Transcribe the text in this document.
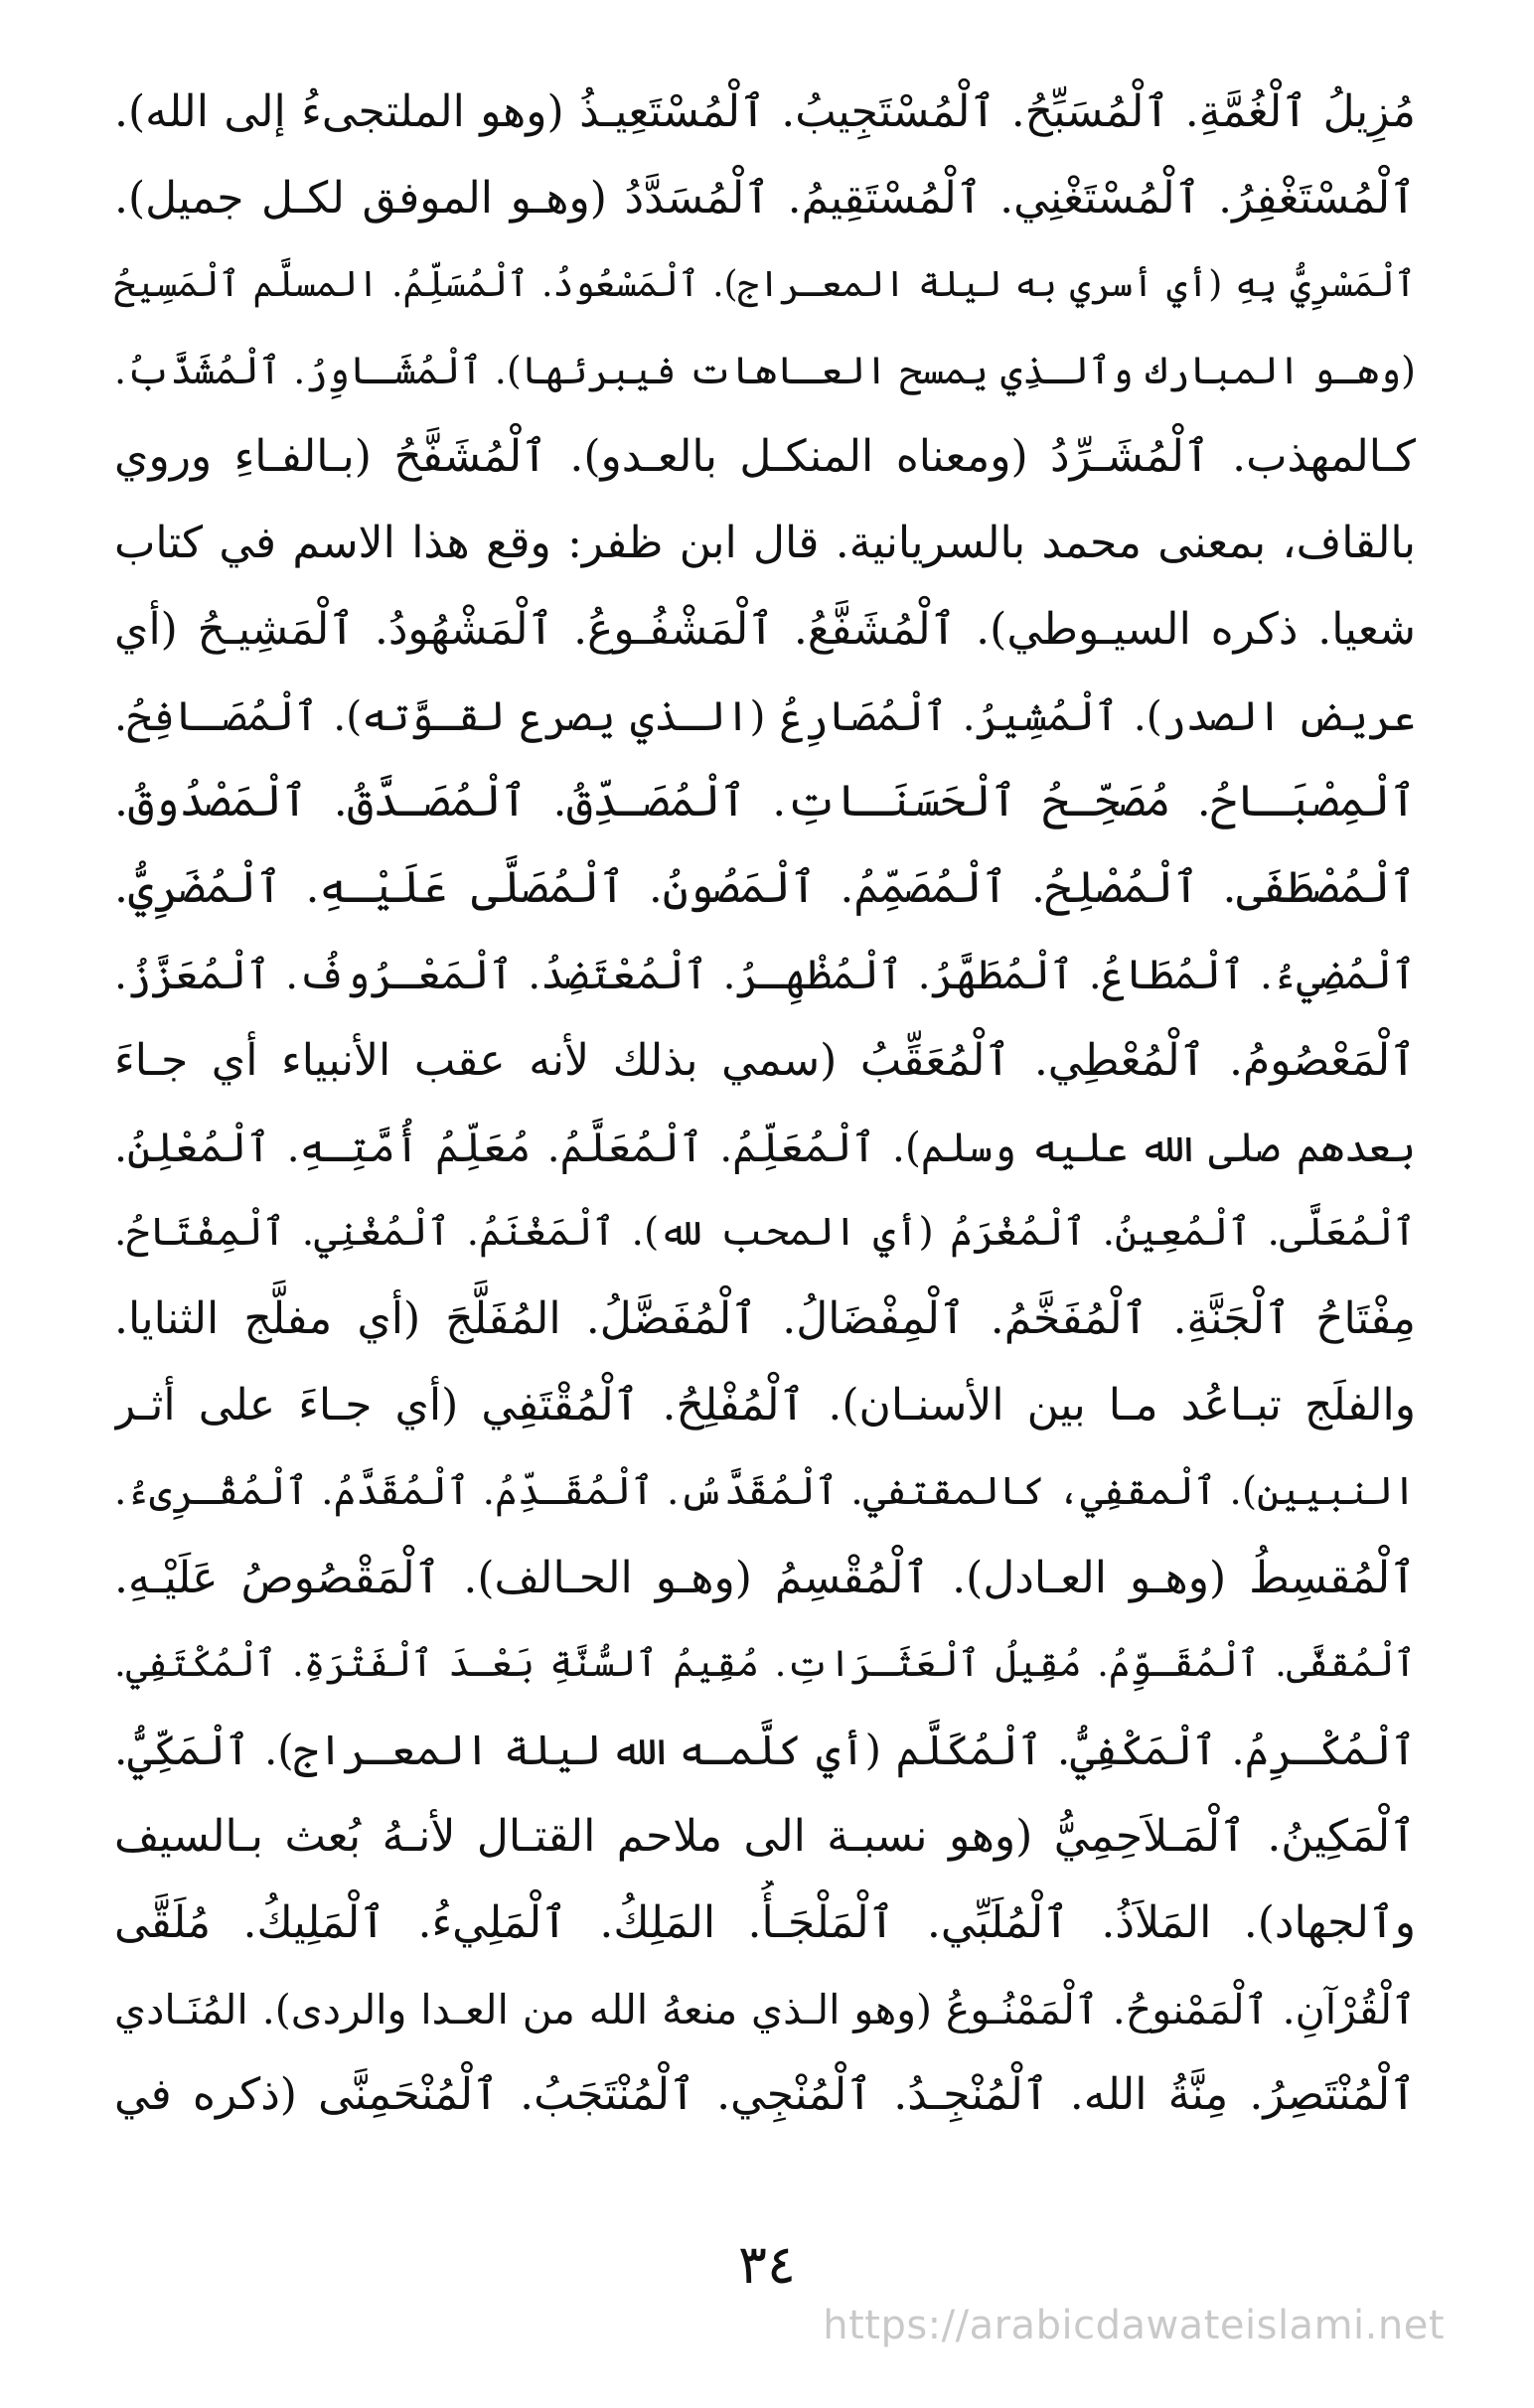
مُزِيلُ ٱلْغُمَّةِ. ٱلْمُسَبِّحُ. ٱلْمُسْتَجِيبُ. ٱلْمُسْتَعِيـذُ (وهو الملتجىءُ إلى الله).
ٱلْمُسْتَغْفِرُ. ٱلْمُسْتَغْنِي. ٱلْمُسْتَقِيمُ. ٱلْمُسَدَّدُ (وهـو الموفق لكـل جميل).
ٱلْمَسْرِيُّ بِهِ (أي أسري به ليلة المعـراج). ٱلْمَسْعُودُ. ٱلْمُسَلِّمُ. المسلَّم ٱلْمَسِيحُ
(وهـو المبارك وٱلـذِي يمسح العـاهات فيبرئها). ٱلْمُشَـاوِرُ. ٱلْمُشَذَّبُ.
كـالمهذب. ٱلْمُشَـرِّدُ (ومعناه المنكـل بالعـدو). ٱلْمُشَفَّحُ (بـالفـاءِ وروي
بالقاف، بمعنى محمد بالسريانية. قال ابن ظفر: وقع هذا الاسم في كتاب
شعيا. ذكره السيـوطي). ٱلْمُشَفَّعُ. ٱلْمَشْفُـوعُ. ٱلْمَشْهُودُ. ٱلْمَشِيـحُ (أي
عريض الصدر). ٱلْمُشِيرُ. ٱلْمُصَارِعُ (الـذي يصرع لقـوَّته). ٱلْمُصَـافِحُ.
ٱلْمِصْبَـاحُ. مُصَحِّـحُ ٱلْحَسَنَـاتِ. ٱلْمُصَـدِّقُ. ٱلْمُصَـدَّقُ. ٱلْمَصْدُوقُ.
ٱلْمُصْطَفَى. ٱلْمُصْلِحُ. ٱلْمُصَمِّمُ. ٱلْمَصُونُ. ٱلْمُصَلَّى عَلَيْـهِ. ٱلْمُضَرِيُّ.
ٱلْمُضِيءُ. ٱلْمُطَاعُ. ٱلْمُطَهَّرُ. ٱلْمُظْهِـرُ. ٱلْمُعْتَضِدُ. ٱلْمَعْـرُوفُ. ٱلْمُعَزَّزُ.
ٱلْمَعْصُومُ. ٱلْمُعْطِي. ٱلْمُعَقِّبُ (سمي بذلك لأنه عقب الأنبياء أي جـاءَ
بعدهم صلى الله عليه وسلم). ٱلْمُعَلِّمُ. ٱلْمُعَلَّمُ. مُعَلِّمُ أُمَّتِـهِ. ٱلْمُعْلِنُ.
ٱلْمُعَلَّى. ٱلْمُعِينُ. ٱلْمُغْرَمُ (أي المحب لله). ٱلْمَغْنَمُ. ٱلْمُغْنِي. ٱلْمِفْتَاحُ.
مِفْتَاحُ ٱلْجَنَّةِ. ٱلْمُفَخَّمُ. ٱلْمِفْضَالُ. ٱلْمُفَضَّلُ. المُفَلَّجَ (أي مفلَّج الثنايا.
والفلَج تبـاعُد مـا بين الأسنـان). ٱلْمُفْلِحُ. ٱلْمُقْتَفِي (أي جـاءَ على أثـر
النبيين). ٱلْمقفِي، كالمقتفي. ٱلْمُقَدَّسُ. ٱلْمُقَـدِّمُ. ٱلْمُقَدَّمُ. ٱلْمُقْـرِىءُ.
ٱلْمُقسِطُ (وهـو العـادل). ٱلْمُقْسِمُ (وهـو الحـالف). ٱلْمَقْصُوصُ عَلَيْـهِ.
ٱلْمُقفَّى. ٱلْمُقَـوِّمُ. مُقِيلُ ٱلْعَثَـرَاتِ. مُقِيمُ ٱلسُّنَّةِ بَعْـدَ ٱلْفَتْرَةِ. ٱلْمُكْتَفِي.
ٱلْمُكْـرِمُ. ٱلْمَكْفِيُّ. ٱلْمُكَلَّم (أي كلَّمـه الله ليلة المعـراج). ٱلْمَكِّيُّ.
ٱلْمَكِينُ. ٱلْمَـلاَحِمِيُّ (وهو نسبـة الى ملاحم القتـال لأنـهُ بُعث بـالسيف
وٱلجهاد). المَلاَذُ. ٱلْمُلَبِّي. ٱلْمَلْجَـأُ. المَلِكُ. ٱلْمَلِيءُ. ٱلْمَلِيكُ. مُلَقَّى
ٱلْقُرْآنِ. ٱلْمَمْنوحُ. ٱلْمَمْنُـوعُ (وهو الـذي منعهُ الله من العـدا والردى). المُنَـادي
ٱلْمُنْتَصِرُ. مِنَّةُ الله. ٱلْمُنْجِـدُ. ٱلْمُنْجِي. ٱلْمُنْتَجَبُ. ٱلْمُنْحَمِنَّى (ذكره في
٣٤
https://arabicdawateislami.net
